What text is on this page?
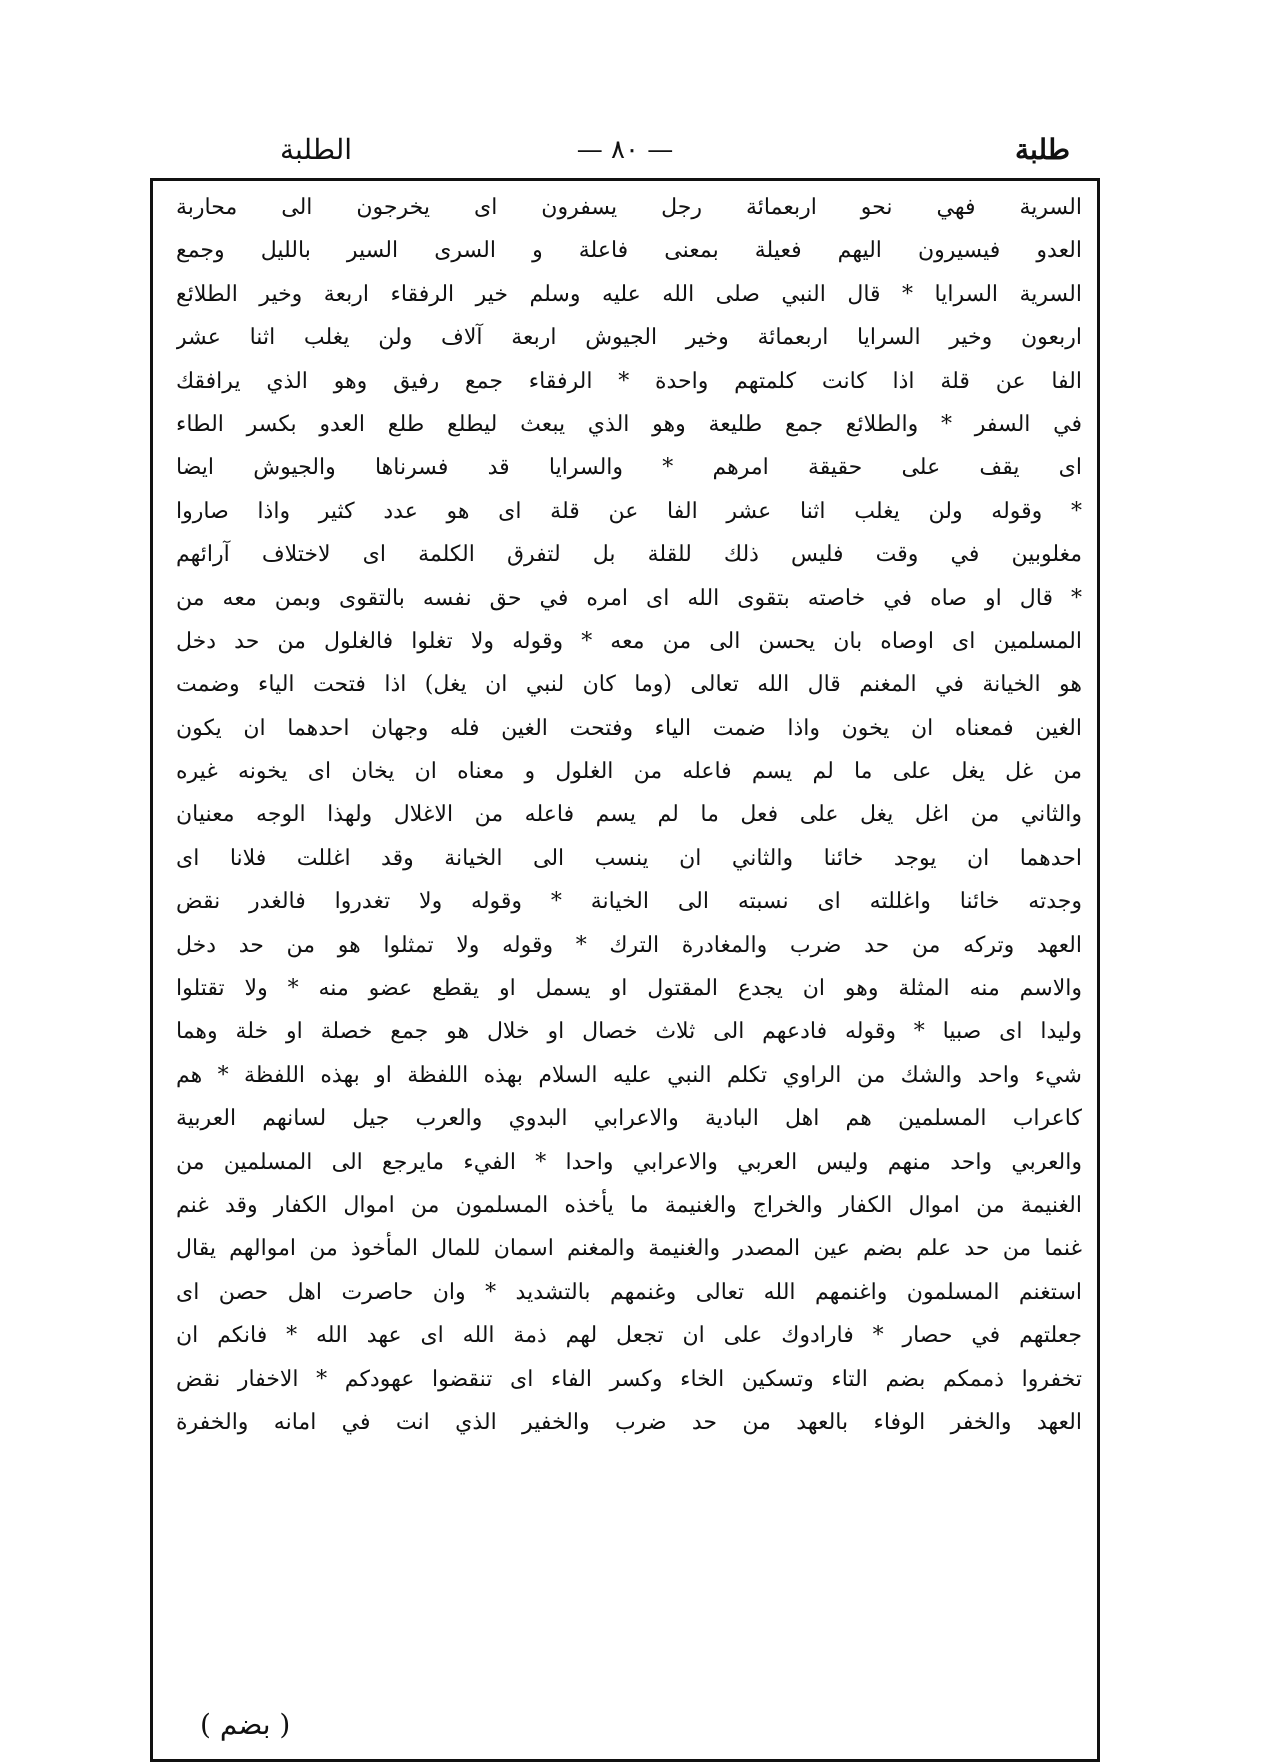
طلبة
— ٨٠ —
الطلبة
السرية فهي نحو اربعمائة رجل يسفرون اى يخرجون الى محاربة
العدو فيسيرون اليهم فعيلة بمعنى فاعلة و السرى السير بالليل وجمع
السرية السرايا * قال النبي صلى الله عليه وسلم خير الرفقاء اربعة وخير الطلائع
اربعون وخير السرايا اربعمائة وخير الجيوش اربعة آلاف ولن يغلب اثنا عشر
الفا عن قلة اذا كانت كلمتهم واحدة * الرفقاء جمع رفيق وهو الذي يرافقك
في السفر * والطلائع جمع طليعة وهو الذي يبعث ليطلع طلع العدو بكسر الطاء
اى يقف على حقيقة امرهم * والسرايا قد فسرناها والجيوش ايضا
* وقوله ولن يغلب اثنا عشر الفا عن قلة اى هو عدد كثير واذا صاروا
مغلوبين في وقت فليس ذلك للقلة بل لتفرق الكلمة اى لاختلاف آرائهم
* قال او صاه في خاصته بتقوى الله اى امره في حق نفسه بالتقوى وبمن معه من
المسلمين اى اوصاه بان يحسن الى من معه * وقوله ولا تغلوا فالغلول من حد دخل
هو الخيانة في المغنم قال الله تعالى (وما كان لنبي ان يغل) اذا فتحت الياء وضمت
الغين فمعناه ان يخون واذا ضمت الياء وفتحت الغين فله وجهان احدهما ان يكون
من غل يغل على ما لم يسم فاعله من الغلول و معناه ان يخان اى يخونه غيره
والثاني من اغل يغل على فعل ما لم يسم فاعله من الاغلال ولهذا الوجه معنيان
احدهما ان يوجد خائنا والثاني ان ينسب الى الخيانة وقد اغللت فلانا اى
وجدته خائنا واغللته اى نسبته الى الخيانة * وقوله ولا تغدروا فالغدر نقض
العهد وتركه من حد ضرب والمغادرة الترك * وقوله ولا تمثلوا هو من حد دخل
والاسم منه المثلة وهو ان يجدع المقتول او يسمل او يقطع عضو منه * ولا تقتلوا
وليدا اى صبيا * وقوله فادعهم الى ثلاث خصال او خلال هو جمع خصلة او خلة وهما
شيء واحد والشك من الراوي تكلم النبي عليه السلام بهذه اللفظة او بهذه اللفظة * هم
كاعراب المسلمين هم اهل البادية والاعرابي البدوي والعرب جيل لسانهم العربية
والعربي واحد منهم وليس العربي والاعرابي واحدا * الفيء مايرجع الى المسلمين من
الغنيمة من اموال الكفار والخراج والغنيمة ما يأخذه المسلمون من اموال الكفار وقد غنم
غنما من حد علم بضم عين المصدر والغنيمة والمغنم اسمان للمال المأخوذ من اموالهم يقال
استغنم المسلمون واغنمهم الله تعالى وغنمهم بالتشديد * وان حاصرت اهل حصن اى
جعلتهم في حصار * فارادوك على ان تجعل لهم ذمة الله اى عهد الله * فانكم ان
تخفروا ذممكم بضم التاء وتسكين الخاء وكسر الفاء اى تنقضوا عهودكم * الاخفار نقض
العهد والخفر الوفاء بالعهد من حد ضرب والخفير الذي انت في امانه والخفرة
( بضم )
